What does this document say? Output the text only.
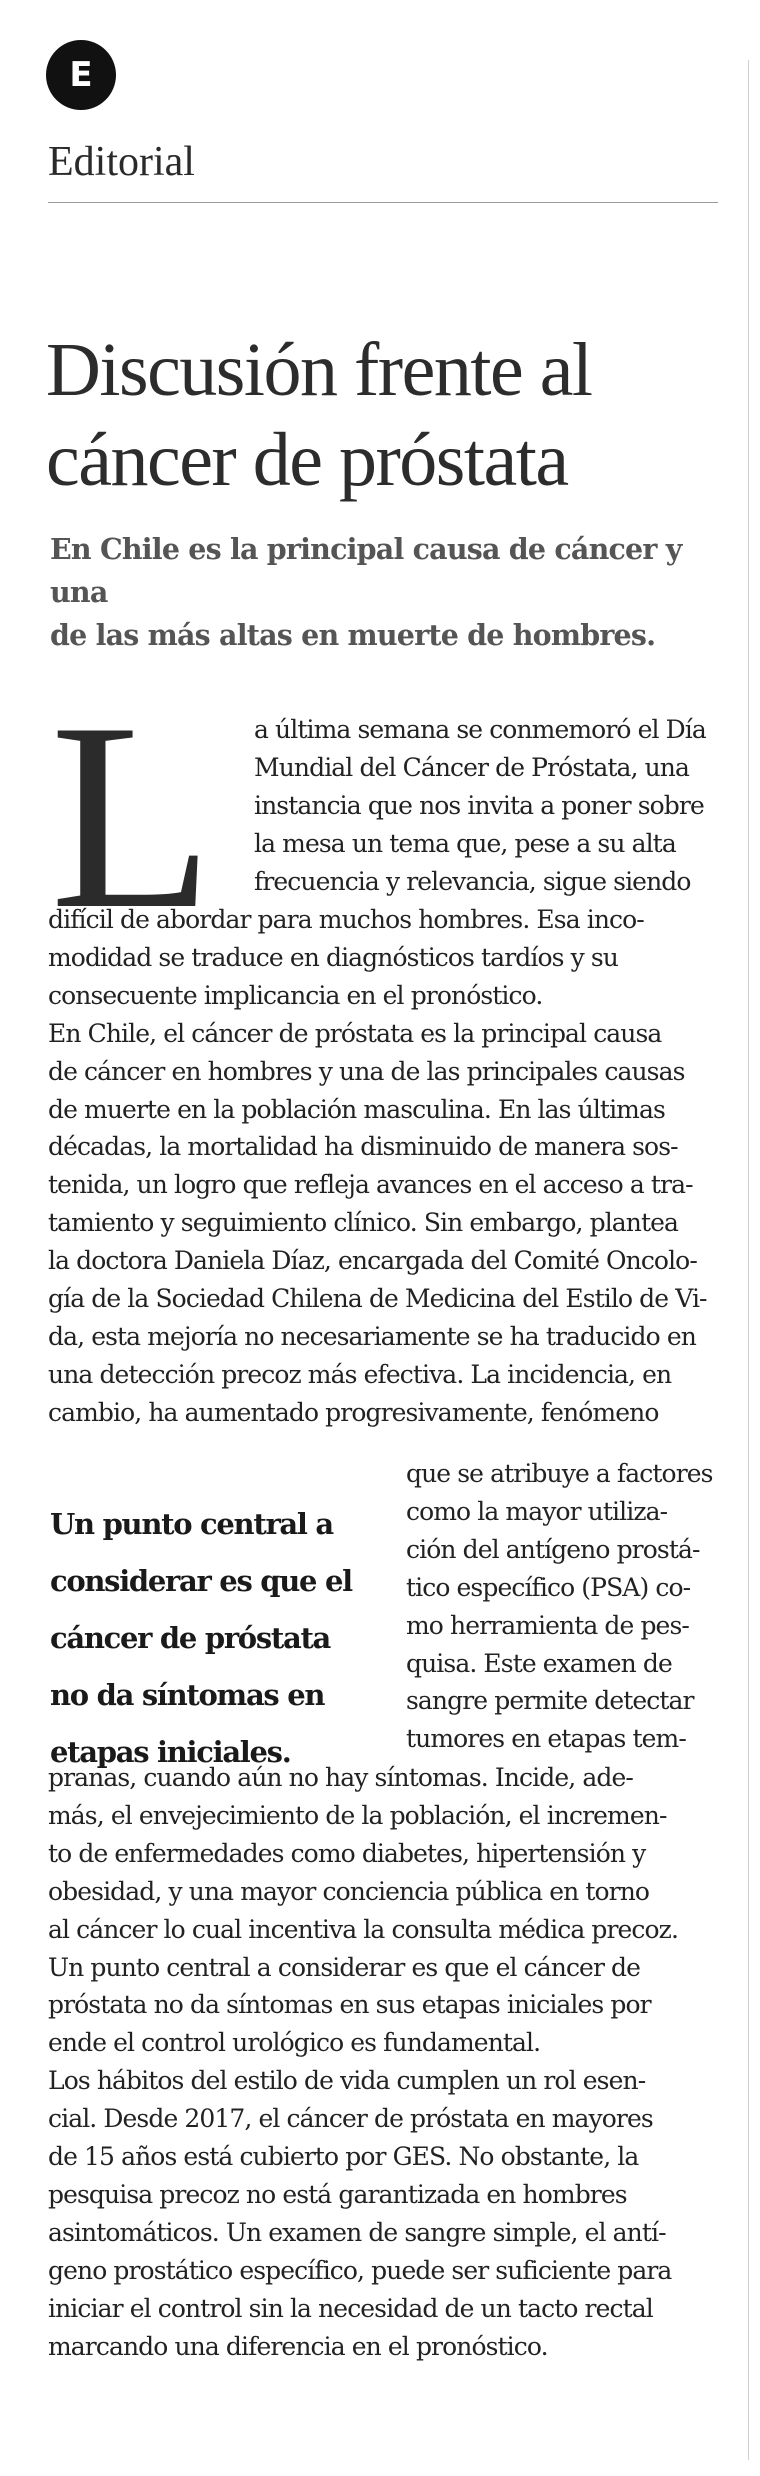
E
Editorial
Discusión frente al
cáncer de próstata
En Chile es la principal causa de cáncer y una
de las más altas en muerte de hombres.
L a última semana se conmemoró el Día
Mundial del Cáncer de Próstata, una
instancia que nos invita a poner sobre
la mesa un tema que, pese a su alta
frecuencia y relevancia, sigue siendo
difícil de abordar para muchos hombres. Esa inco-
modidad se traduce en diagnósticos tardíos y su
consecuente implicancia en el pronóstico.
En Chile, el cáncer de próstata es la principal causa
de cáncer en hombres y una de las principales causas
de muerte en la población masculina. En las últimas
décadas, la mortalidad ha disminuido de manera sos-
tenida, un logro que refleja avances en el acceso a tra-
tamiento y seguimiento clínico. Sin embargo, plantea
la doctora Daniela Díaz, encargada del Comité Oncolo-
gía de la Sociedad Chilena de Medicina del Estilo de Vi-
da, esta mejoría no necesariamente se ha traducido en
una detección precoz más efectiva. La incidencia, en
cambio, ha aumentado progresivamente, fenómeno
Un punto central a
considerar es que el
cáncer de próstata
no da síntomas en
etapas iniciales.
que se atribuye a factores
como la mayor utiliza-
ción del antígeno prostá-
tico específico (PSA) co-
mo herramienta de pes-
quisa. Este examen de
sangre permite detectar
tumores en etapas tem-
pranas, cuando aún no hay síntomas. Incide, ade-
más, el envejecimiento de la población, el incremen-
to de enfermedades como diabetes, hipertensión y
obesidad, y una mayor conciencia pública en torno
al cáncer lo cual incentiva la consulta médica precoz.
Un punto central a considerar es que el cáncer de
próstata no da síntomas en sus etapas iniciales por
ende el control urológico es fundamental.
Los hábitos del estilo de vida cumplen un rol esen-
cial. Desde 2017, el cáncer de próstata en mayores
de 15 años está cubierto por GES. No obstante, la
pesquisa precoz no está garantizada en hombres
asintomáticos. Un examen de sangre simple, el antí-
geno prostático específico, puede ser suficiente para
iniciar el control sin la necesidad de un tacto rectal
marcando una diferencia en el pronóstico.
